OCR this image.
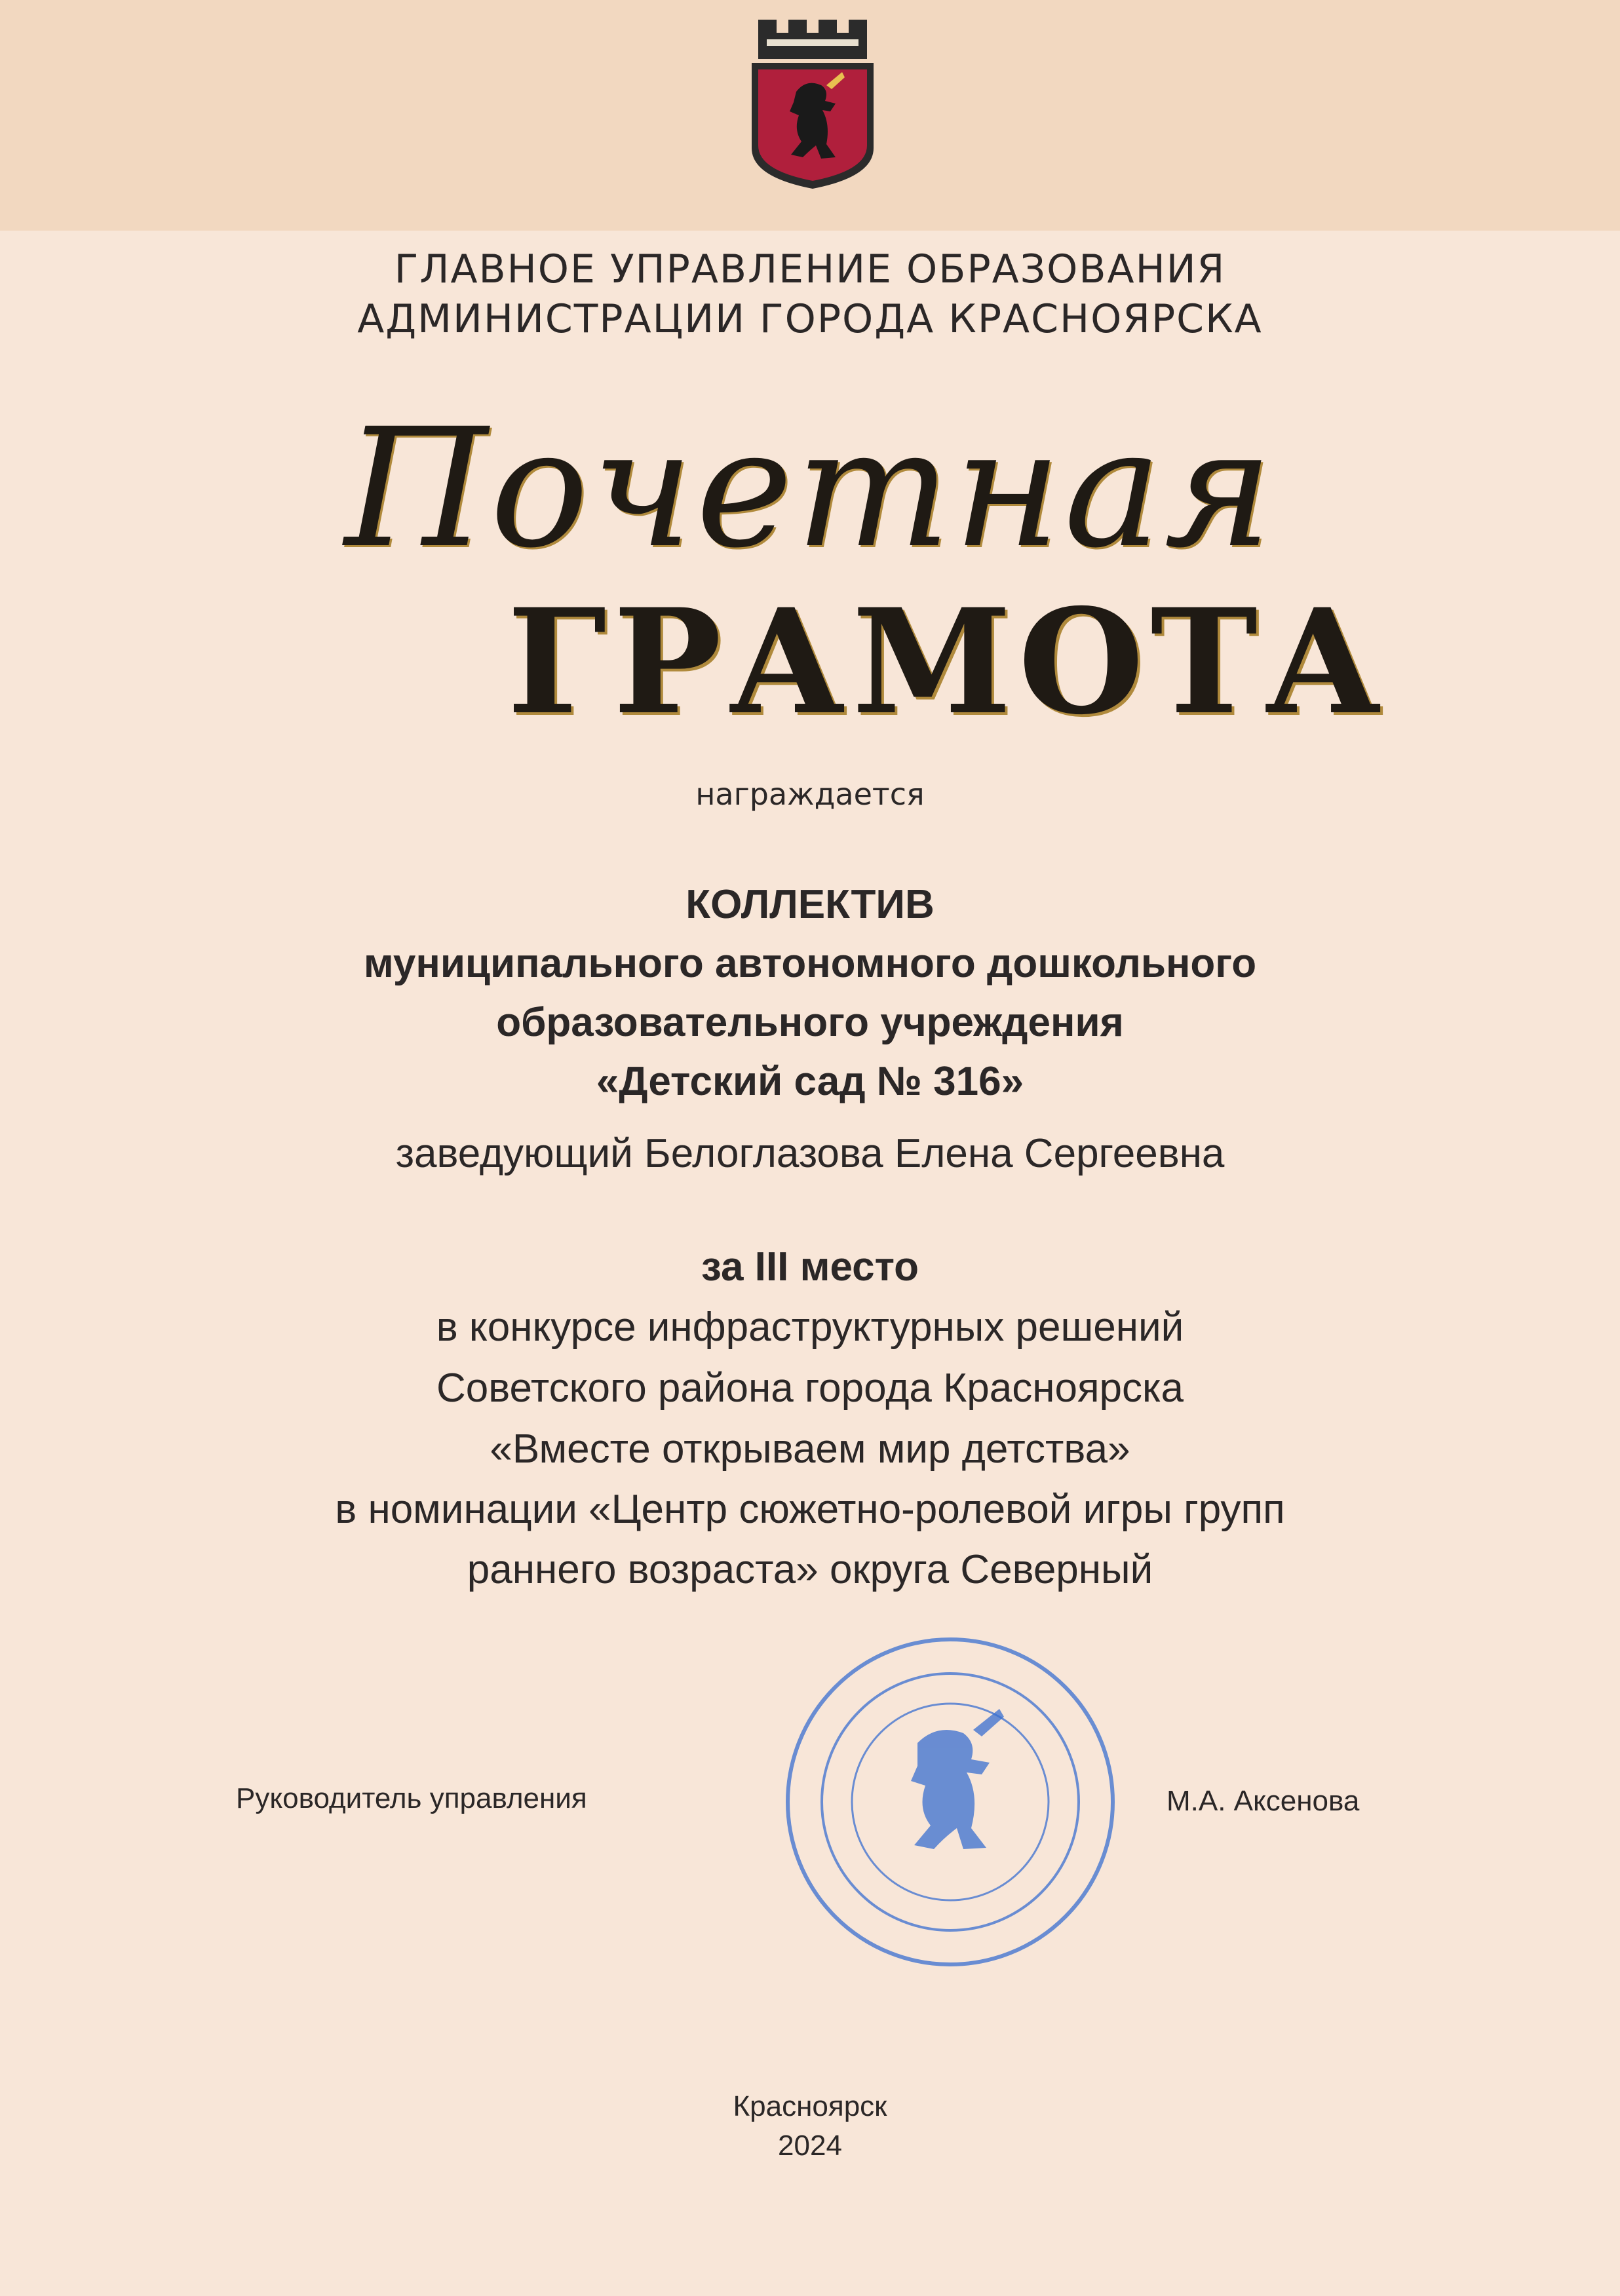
ГЛАВНОЕ УПРАВЛЕНИЕ ОБРАЗОВАНИЯ
АДМИНИСТРАЦИИ ГОРОДА КРАСНОЯРСКА
Почетная
ГРАМОТА
награждается
КОЛЛЕКТИВ
муниципального автономного дошкольного
образовательного учреждения
«Детский сад № 316»
заведующий Белоглазова Елена Сергеевна
за III место
в конкурсе инфраструктурных решений
Советского района города Красноярска
«Вместе открываем мир детства»
в номинации «Центр сюжетно-ролевой игры групп
раннего возраста» округа Северный
Руководитель управления	М.А. Аксенова
Красноярск
2024
